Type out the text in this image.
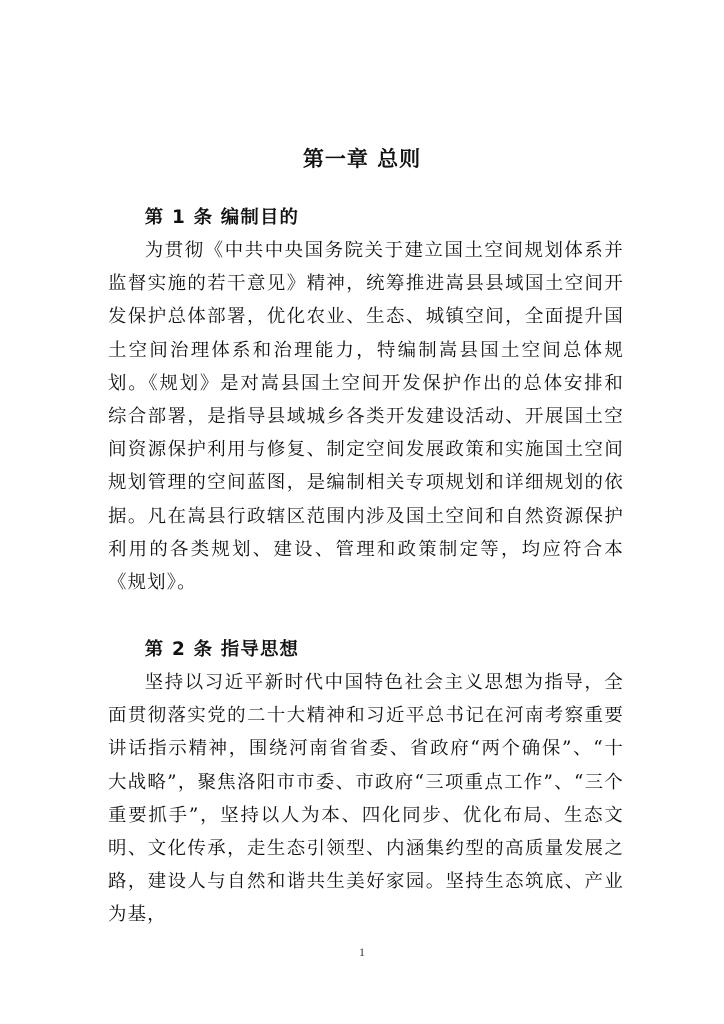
第一章 总则

第 1 条 编制目的

为贯彻《中共中央国务院关于建立国土空间规划体系并监督实施的若干意见》精神，统筹推进嵩县县域国土空间开发保护总体部署，优化农业、生态、城镇空间，全面提升国土空间治理体系和治理能力，特编制嵩县国土空间总体规划。《规划》是对嵩县国土空间开发保护作出的总体安排和综合部署，是指导县域城乡各类开发建设活动、开展国土空间资源保护利用与修复、制定空间发展政策和实施国土空间规划管理的空间蓝图，是编制相关专项规划和详细规划的依据。凡在嵩县行政辖区范围内涉及国土空间和自然资源保护利用的各类规划、建设、管理和政策制定等，均应符合本《规划》。

第 2 条 指导思想

坚持以习近平新时代中国特色社会主义思想为指导，全面贯彻落实党的二十大精神和习近平总书记在河南考察重要讲话指示精神，围绕河南省省委、省政府“两个确保”、“十大战略”，聚焦洛阳市市委、市政府“三项重点工作”、“三个重要抓手”，坚持以人为本、四化同步、优化布局、生态文明、文化传承，走生态引领型、内涵集约型的高质量发展之路，建设人与自然和谐共生美好家园。坚持生态筑底、产业为基，

1
